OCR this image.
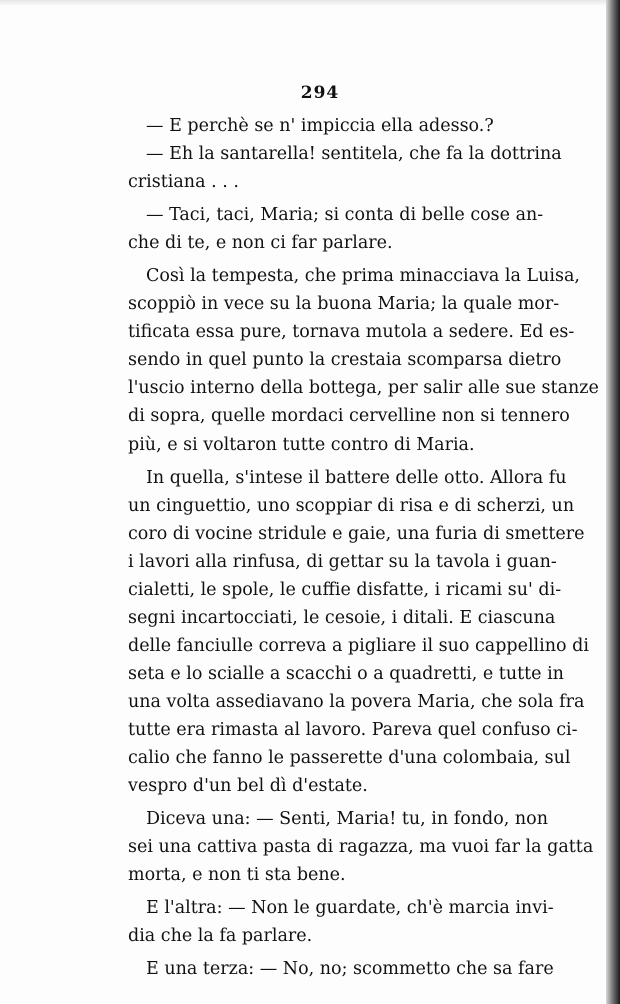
294
— E perchè se n' impiccia ella adesso.?
— Eh la santarella! sentitela, che fa la dottrina
cristiana . . .
— Taci, taci, Maria; si conta di belle cose an-
che di te, e non ci far parlare.
Così la tempesta, che prima minacciava la Luisa,
scoppiò in vece su la buona Maria; la quale mor-
tificata essa pure, tornava mutola a sedere. Ed es-
sendo in quel punto la crestaia scomparsa dietro
l'uscio interno della bottega, per salir alle sue stanze
di sopra, quelle mordaci cervelline non si tennero
più, e si voltaron tutte contro di Maria.
In quella, s'intese il battere delle otto. Allora fu
un cinguettio, uno scoppiar di risa e di scherzi, un
coro di vocine stridule e gaie, una furia di smettere
i lavori alla rinfusa, di gettar su la tavola i guan-
cialetti, le spole, le cuffie disfatte, i ricami su' di-
segni incartocciati, le cesoie, i ditali. E ciascuna
delle fanciulle correva a pigliare il suo cappellino di
seta e lo scialle a scacchi o a quadretti, e tutte in
una volta assediavano la povera Maria, che sola fra
tutte era rimasta al lavoro. Pareva quel confuso ci-
calio che fanno le passerette d'una colombaia, sul
vespro d'un bel dì d'estate.
Diceva una: — Senti, Maria! tu, in fondo, non
sei una cattiva pasta di ragazza, ma vuoi far la gatta
morta, e non ti sta bene.
E l'altra: — Non le guardate, ch'è marcia invi-
dia che la fa parlare.
E una terza: — No, no; scommetto che sa fare
